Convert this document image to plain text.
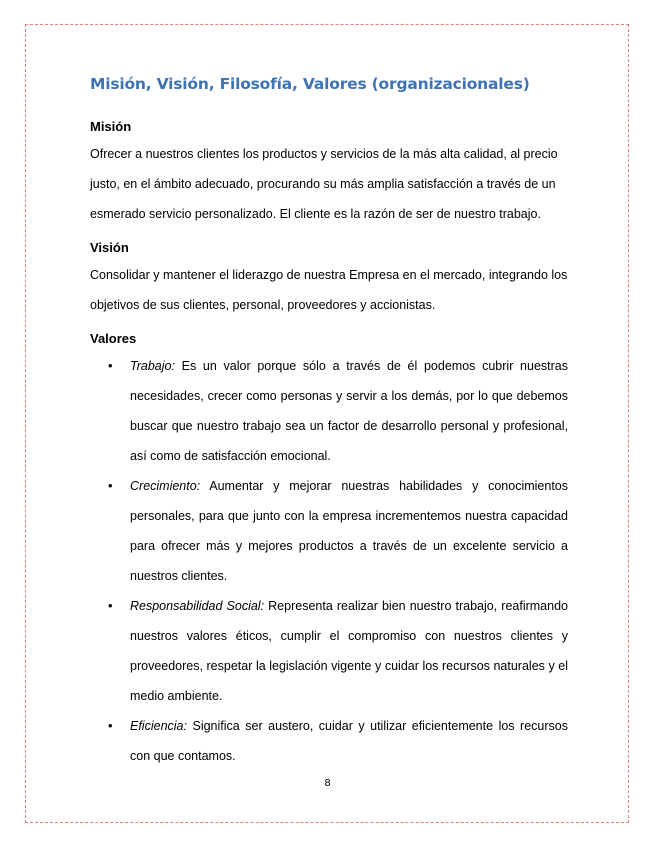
Misión, Visión, Filosofía, Valores (organizacionales)

Misión

Ofrecer a nuestros clientes los productos y servicios de la más alta calidad, al precio justo, en el ámbito adecuado, procurando su más amplia satisfacción a través de un esmerado servicio personalizado. El cliente es la razón de ser de nuestro trabajo.

Visión

Consolidar y mantener el liderazgo de nuestra Empresa en el mercado, integrando los objetivos de sus clientes, personal, proveedores y accionistas.

Valores

• Trabajo: Es un valor porque sólo a través de él podemos cubrir nuestras necesidades, crecer como personas y servir a los demás, por lo que debemos buscar que nuestro trabajo sea un factor de desarrollo personal y profesional, así como de satisfacción emocional.
• Crecimiento: Aumentar y mejorar nuestras habilidades y conocimientos personales, para que junto con la empresa incrementemos nuestra capacidad para ofrecer más y mejores productos a través de un excelente servicio a nuestros clientes.
• Responsabilidad Social: Representa realizar bien nuestro trabajo, reafirmando nuestros valores éticos, cumplir el compromiso con nuestros clientes y proveedores, respetar la legislación vigente y cuidar los recursos naturales y el medio ambiente.
• Eficiencia: Significa ser austero, cuidar y utilizar eficientemente los recursos con que contamos.
8
